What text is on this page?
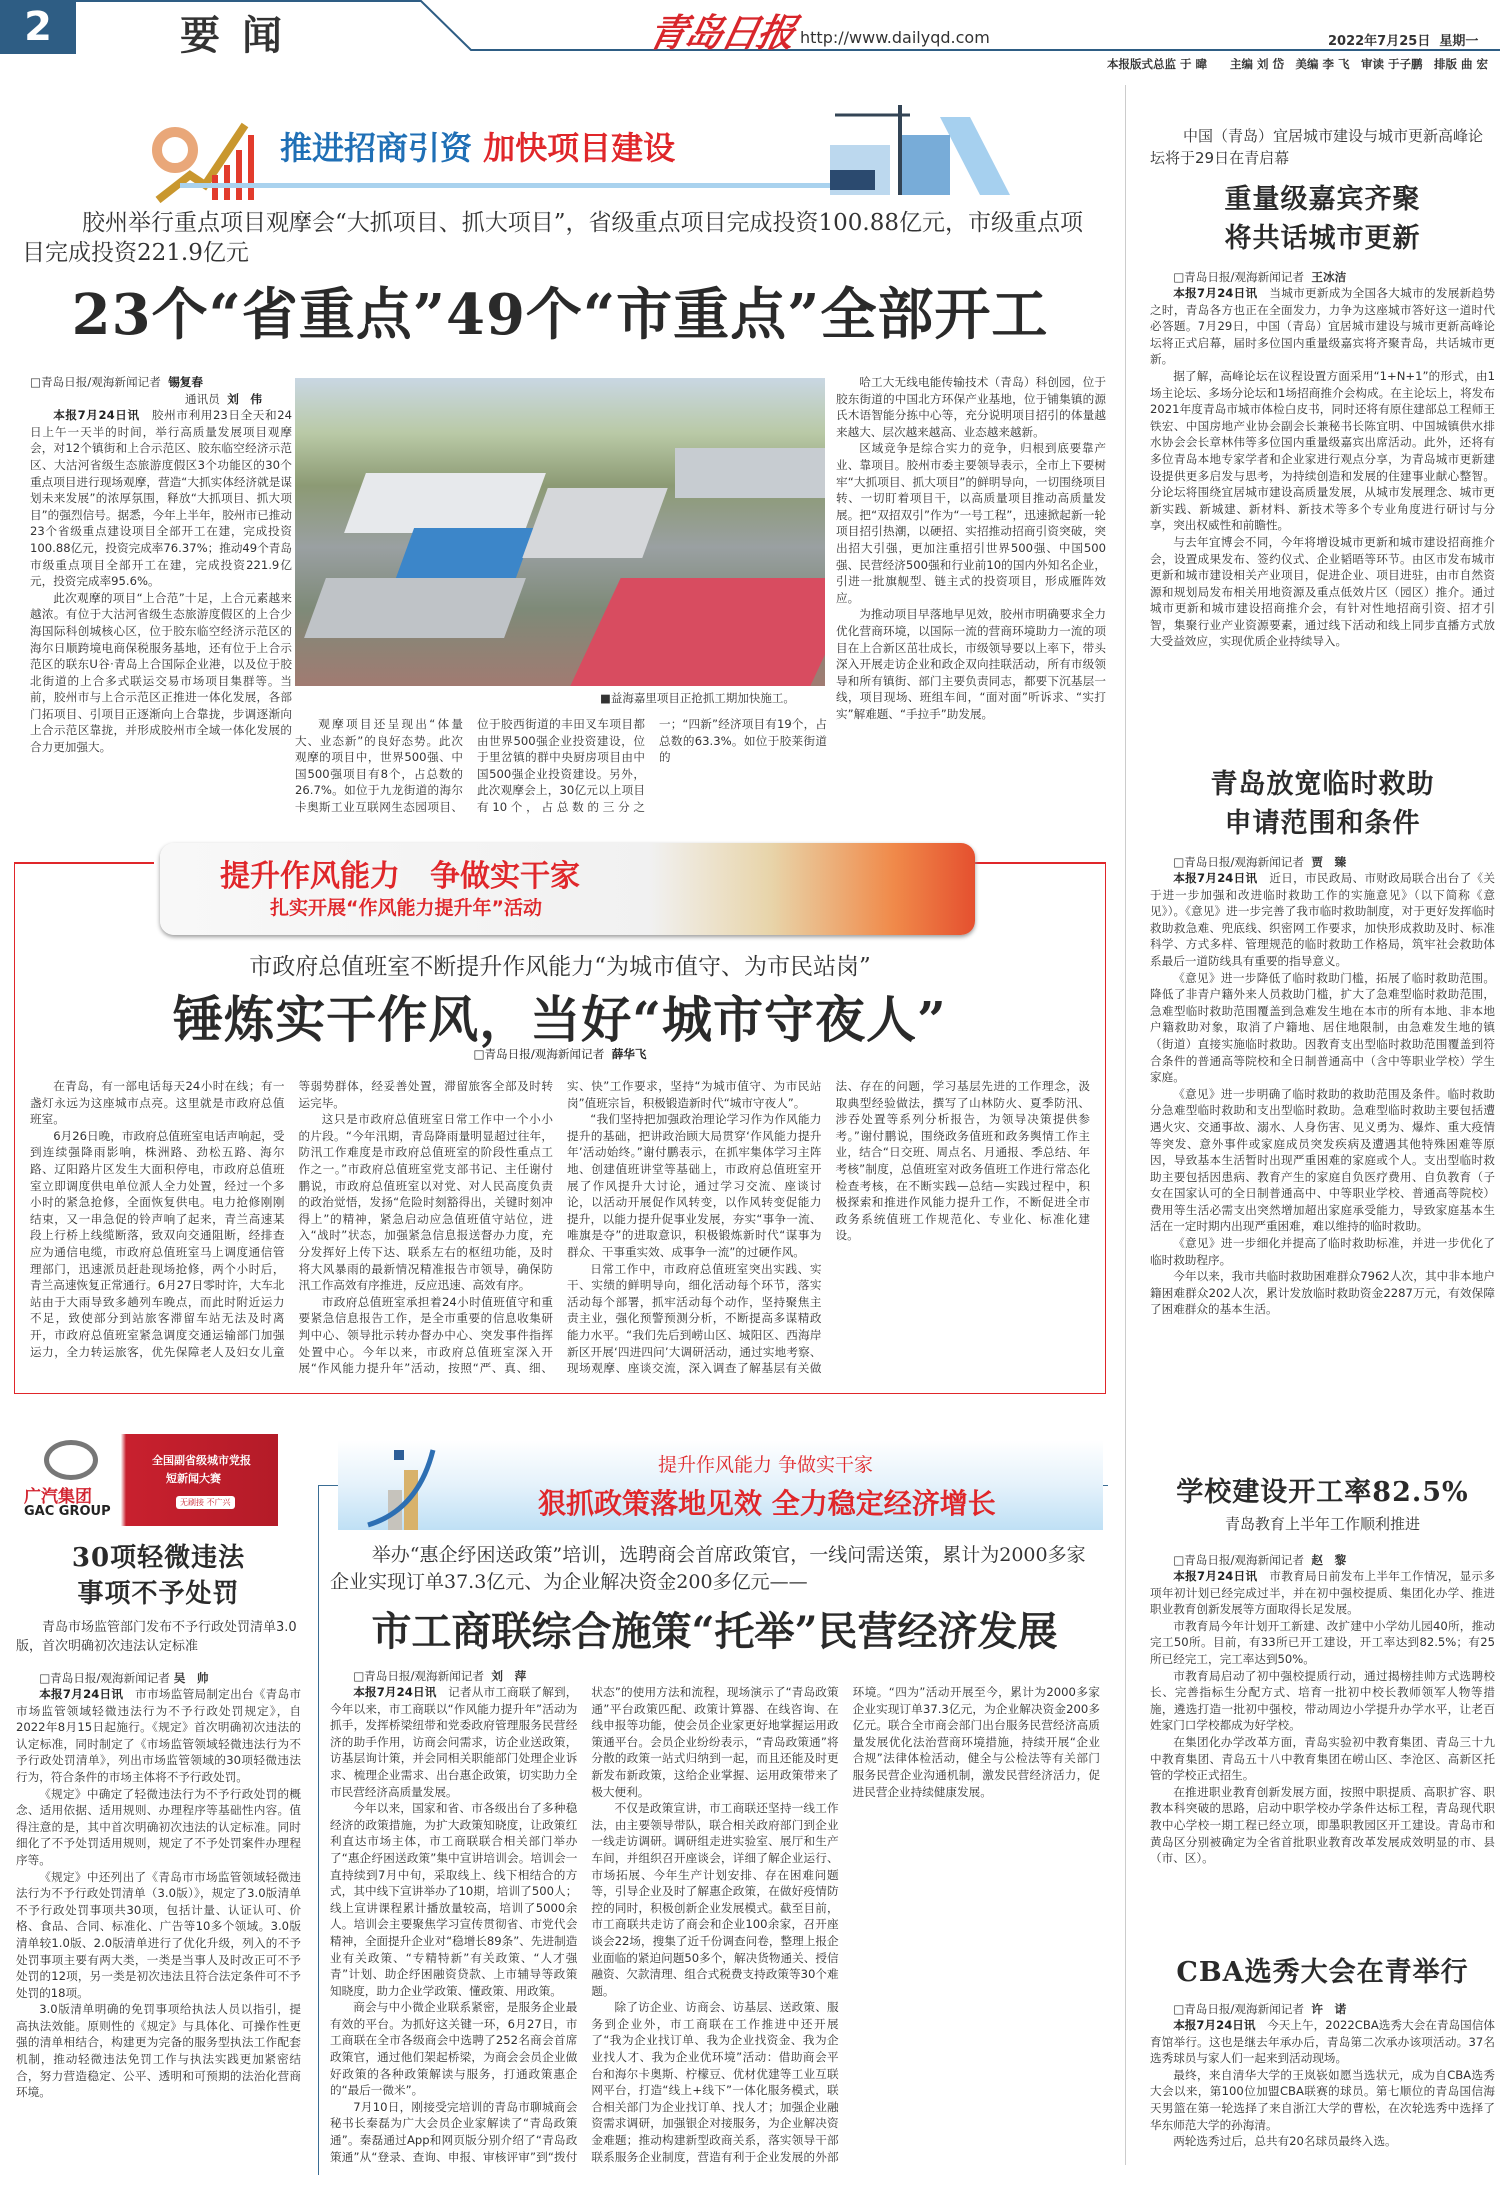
2	要闻	青岛日报 http://www.dailyqd.com	2022年7月25日 星期一
本报版式总监 于 暐　　主编 刘 岱　美编 李 飞　审读 于子鹏　排版 曲 宏
推进招商引资 加快项目建设
胶州举行重点项目观摩会“大抓项目、抓大项目”，省级重点项目完成投资100.88亿元，市级重点项目完成投资221.9亿元
23个“省重点”49个“市重点”全部开工
□青岛日报/观海新闻记者 锡复春
通讯员 刘　伟

本报7月24日讯　 胶州市利用23日全天和24日上午一天半的时间，举行高质量发展项目观摩会，对12个镇街和上合示范区、胶东临空经济示范区、大沽河省级生态旅游度假区3个功能区的30个重点项目进行现场观摩，营造“大抓实体经济就是谋划未来发展”的浓厚氛围，释放“大抓项目、抓大项目”的强烈信号。据悉，今年上半年，胶州市已推动23个省级重点建设项目全部开工在建，完成投资100.88亿元，投资完成率76.37%；推动49个青岛市级重点项目全部开工在建，完成投资221.9亿元，投资完成率95.6%。

此次观摩的项目“上合范”十足，上合元素越来越浓。有位于大沽河省级生态旅游度假区的上合少海国际科创城核心区，位于胶东临空经济示范区的海尔日顺跨境电商保税服务基地，还有位于上合示范区的联东U谷·青岛上合国际企业港，以及位于胶北街道的上合多式联运交易市场项目集群等。当前，胶州市与上合示范区正推进一体化发展，各部门拓项目、引项目正逐渐向上合靠拢，步调逐渐向上合示范区靠拢，并形成胶州市全域一体化发展的合力更加强大。

■益海嘉里项目正抢抓工期加快施工。

观摩项目还呈现出“体量大、业态新”的良好态势。此次观摩的项目中，世界500强、中国500强项目有8个，占总数的26.7%。如位于九龙街道的海尔卡奥斯工业互联网生态园项目、位于胶西街道的丰田叉车项目都由世界500强企业投资建设，位于里岔镇的群中央厨房项目由中国500强企业投资建设。另外，此次观摩会上，30亿元以上项目有10个，占总数的三分之一；“四新”经济项目有19个，占总数的63.3%。如位于胶莱街道的

哈工大无线电能传输技术（青岛）科创园，位于胶东街道的中国北方环保产业基地，位于铺集镇的源氏木语智能分拣中心等，充分说明项目招引的体量越来越大、层次越来越高、业态越来越新。

区域竞争是综合实力的竞争，归根到底要靠产业、靠项目。胶州市委主要领导表示，全市上下要树牢“大抓项目、抓大项目”的鲜明导向，一切围绕项目转、一切盯着项目干，以高质量项目推动高质量发展。把“双招双引”作为“一号工程”，迅速掀起新一轮项目招引热潮，以硬招、实招推动招商引资突破，突出招大引强，更加注重招引世界500强、中国500强、民营经济500强和行业前10的国内外知名企业，引进一批旗舰型、链主式的投资项目，形成雁阵效应。

为推动项目早落地早见效，胶州市明确要求全力优化营商环境，以国际一流的营商环境助力一流的项目在上合新区茁壮成长，市级领导要以上率下，带头深入开展走访企业和政企双向挂联活动，所有市级领导和所有镇街、部门主要负责同志，都要下沉基层一线，项目现场、班组车间，“面对面”听诉求、“实打实”解难题、“手拉手”助发展。

中国（青岛）宜居城市建设与城市更新高峰论坛将于29日在青启幕
重量级嘉宾齐聚
将共话城市更新
□青岛日报/观海新闻记者 王冰洁

本报7月24日讯　 当城市更新成为全国各大城市的发展新趋势之时，青岛各方也正在全面发力，力争为这座城市答好这一道时代必答题。7月29日，中国（青岛）宜居城市建设与城市更新高峰论坛将正式启幕，届时多位国内重量级嘉宾将齐聚青岛，共话城市更新。

据了解，高峰论坛在议程设置方面采用“1+N+1”的形式，由1场主论坛、多场分论坛和1场招商推介会构成。在主论坛上，将发布2021年度青岛市城市体检白皮书，同时还将有原住建部总工程师王铁宏、中国房地产业协会副会长兼秘书长陈宜明、中国城镇供水排水协会会长章林伟等多位国内重量级嘉宾出席活动。此外，还将有多位青岛本地专家学者和企业家进行观点分享，为青岛城市更新建设提供更多启发与思考，为持续创造和发展的住建事业献心整智。分论坛将围绕宜居城市建设高质量发展，从城市发展理念、城市更新实践、新城建、新材料、新技术等多个专业角度进行研讨与分享，突出权威性和前瞻性。

与去年宜博会不同，今年将增设城市更新和城市建设招商推介会，设置成果发布、签约仪式、企业韬晤等环节。由区市发布城市更新和城市建设相关产业项目，促进企业、项目进驻，由市自然资源和规划局发布相关用地资源及重点低效片区（园区）推介。通过城市更新和城市建设招商推介会，有针对性地招商引资、招才引智，集聚行业产业资源要素，通过线下活动和线上同步直播方式放大受益效应，实现优质企业持续导入。

青岛放宽临时救助
申请范围和条件
□青岛日报/观海新闻记者 贾　臻

本报7月24日讯　 近日，市民政局、市财政局联合出台了《关于进一步加强和改进临时救助工作的实施意见》（以下简称《意见》）。《意见》进一步完善了我市临时救助制度，对于更好发挥临时救助救急难、兜底线、织密网工作要求，加快形成救助及时、标准科学、方式多样、管理规范的临时救助工作格局，筑牢社会救助体系最后一道防线具有重要的指导意义。

《意见》进一步降低了临时救助门槛，拓展了临时救助范围。降低了非青户籍外来人员救助门槛，扩大了急难型临时救助范围，急难型临时救助范围覆盖到急难发生地在本市的所有本地、非本地户籍救助对象，取消了户籍地、居住地限制，由急难发生地的镇（街道）直接实施临时救助。因教育支出型临时救助范围覆盖到符合条件的普通高等院校和全日制普通高中（含中等职业学校）学生家庭。

《意见》进一步明确了临时救助的救助范围及条件。临时救助分急难型临时救助和支出型临时救助。急难型临时救助主要包括遭遇火灾、交通事故、溺水、人身伤害、见义勇为、爆炸、重大疫情等突发、意外事件或家庭成员突发疾病及遭遇其他特殊困难等原因，导致基本生活暂时出现严重困难的家庭或个人。支出型临时救助主要包括因患病、教育产生的家庭自负医疗费用、自负教育（子女在国家认可的全日制普通高中、中等职业学校、普通高等院校）费用等生活必需支出突然增加超出家庭承受能力，导致家庭基本生活在一定时期内出现严重困难，难以维持的临时救助。

《意见》进一步细化并提高了临时救助标准，并进一步优化了临时救助程序。

今年以来，我市共临时救助困难群众7962人次，其中非本地户籍困难群众202人次，累计发放临时救助资金2287万元，有效保障了困难群众的基本生活。

学校建设开工率82.5%
青岛教育上半年工作顺利推进
□青岛日报/观海新闻记者 赵　黎

本报7月24日讯　 市教育局日前发布上半年工作情况，显示多项年初计划已经完成过半，并在初中强校提质、集团化办学、推进职业教育创新发展等方面取得长足发展。

市教育局今年计划开工新建、改扩建中小学幼儿园40所，推动完工50所。目前，有33所已开工建设，开工率达到82.5%；有25所已经完工，完工率达到50%。

市教育局启动了初中强校提质行动，通过揭榜挂帅方式选聘校长、完善指标生分配方式、培育一批初中校长教师领军人物等措施，遴选打造一批初中强校，带动周边小学提升办学水平，让老百姓家门口学校都成为好学校。

在集团化办学改革方面，青岛实验初中教育集团、青岛三十九中教育集团、青岛五十八中教育集团在崂山区、李沧区、高新区托管的学校正式招生。

在推进职业教育创新发展方面，按照中职提质、高职扩容、职教本科突破的思路，启动中职学校办学条件达标工程，青岛现代职教中心学校一期工程已经立项，即墨职教园区开工建设。青岛市和黄岛区分别被确定为全省首批职业教育改革发展成效明显的市、县（市、区）。

CBA选秀大会在青举行
□青岛日报/观海新闻记者 许　诺

本报7月24日讯　 今天上午，2022CBA选秀大会在青岛国信体育馆举行。这也是继去年承办后，青岛第二次承办该项活动。37名选秀球员与家人们一起来到活动现场。

最终，来自清华大学的王岚嵚如愿当选状元，成为自CBA选秀大会以来，第100位加盟CBA联赛的球员。第七顺位的青岛国信海天男篮在第一轮选择了来自浙江大学的曹松，在次轮选秀中选择了华东师范大学的孙海清。

两轮选秀过后，总共有20名球员最终入选。

提升作风能力　争做实干家
扎实开展“作风能力提升年”活动
市政府总值班室不断提升作风能力“为城市值守、为市民站岗”
锤炼实干作风，当好“城市守夜人”
□青岛日报/观海新闻记者 薛华飞

在青岛，有一部电话每天24小时在线；有一盏灯永远为这座城市点亮。这里就是市政府总值班室。

6月26日晚，市政府总值班室电话声响起，受到连续强降雨影响，株洲路、劲松五路、海尔路、辽阳路片区发生大面积停电，市政府总值班室立即调度供电单位派人全力处置，经过一个多小时的紧急抢修，全面恢复供电。电力抢修刚刚结束，又一串急促的铃声响了起来，青兰高速某段上行桥上线缆断落，致双向交通阻断，经排查应为通信电缆，市政府总值班室马上调度通信管理部门，迅速派员赶赴现场抢修，两个小时后，青兰高速恢复正常通行。6月27日零时许，大车北站由于大雨导致多趟列车晚点，而此时附近运力不足，致使部分到站旅客滞留车站无法及时离开，市政府总值班室紧急调度交通运输部门加强运力，全力转运旅客，优先保障老人及妇女儿童等弱势群体，经妥善处置，滞留旅客全部及时转运完毕。

这只是市政府总值班室日常工作中一个小小的片段。“今年汛期，青岛降雨量明显超过往年，防汛工作难度是市政府总值班室的阶段性重点工作之一。”市政府总值班室党支部书记、主任谢付鹏说，市政府总值班室以对党、对人民高度负责的政治觉悟，发扬“危险时刻豁得出，关键时刻冲得上”的精神，紧急启动应急值班值守站位，进入“战时”状态，加强紧急信息报送督办力度，充分发挥好上传下达、联系左右的枢纽功能，及时将大风暴雨的最新情况精准报告市领导，确保防汛工作高效有序推进，反应迅速、高效有序。

市政府总值班室承担着24小时值班值守和重要紧急信息报告工作，是全市重要的信息收集研判中心、领导批示转办督办中心、突发事件指挥处置中心。今年以来，市政府总值班室深入开展“作风能力提升年”活动，按照“严、真、细、实、快”工作要求，坚持“为城市值守、为市民站岗”值班宗旨，积极锻造新时代“城市守夜人”。

“我们坚持把加强政治理论学习作为作风能力提升的基础，把讲政治顾大局贯穿‘作风能力提升年’活动始终。”谢付鹏表示，在抓牢集体学习主阵地、创建值班讲堂等基础上，市政府总值班室开展了作风提升大讨论，通过学习交流、座谈讨论，以活动开展促作风转变，以作风转变促能力提升，以能力提升促事业发展，夯实“事争一流、唯旗是夺”的进取意识，积极锻炼新时代“谋事为群众、干事重实效、成事争一流”的过硬作风。

日常工作中，市政府总值班室突出实践、实干、实绩的鲜明导向，细化活动每个环节，落实活动每个部署，抓牢活动每个动作，坚持聚焦主责主业，强化预警预测分析，不断提高多谋精政能力水平。“我们先后到崂山区、城阳区、西海岸新区开展‘四进四问’大调研活动，通过实地考察、现场观摩、座谈交流，深入调查了解基层有关做法、存在的问题，学习基层先进的工作理念，汲取典型经验做法，撰写了山林防火、夏季防汛、涉吞处置等系列分析报告，为领导决策提供参考。”谢付鹏说，围绕政务值班和政务舆情工作主业，结合“日交班、周点名、月通报、季总结、年考核”制度，总值班室对政务值班工作进行常态化检查考核，在不断实践—总结—实践过程中，积极探索和推进作风能力提升工作，不断促进全市政务系统值班工作规范化、专业化、标准化建设。

广汽集团
GAC GROUP
全国副省级城市党报
短新闻大赛
无刷接 不广兴
30项轻微违法
事项不予处罚
青岛市场监管部门发布不予行政处罚清单3.0版，首次明确初次违法认定标准
□青岛日报/观海新闻记者 吴　帅

本报7月24日讯　 市市场监管局制定出台《青岛市市场监管领域轻微违法行为不予行政处罚规定》，自2022年8月15日起施行。《规定》首次明确初次违法的认定标准，同时制定了《市场监管领域轻微违法行为不予行政处罚清单》，列出市场监管领域的30项轻微违法行为，符合条件的市场主体将不予行政处罚。

《规定》中确定了轻微违法行为不予行政处罚的概念、适用依据、适用规则、办理程序等基础性内容。值得注意的是，其中首次明确初次违法的认定标准。同时细化了不予处罚适用规则，规定了不予处罚案件办理程序等。

《规定》中还列出了《青岛市市场监管领域轻微违法行为不予行政处罚清单（3.0版）》，规定了3.0版清单不予行政处罚事项共30项，包括计量、认证认可、价格、食品、合同、标准化、广告等10多个领域。3.0版清单较1.0版、2.0版清单进行了优化升级，列入的不予处罚事项主要有两大类，一类是当事人及时改正可不予处罚的12项，另一类是初次违法且符合法定条件可不予处罚的18项。

3.0版清单明确的免罚事项给执法人员以指引，提高执法效能。原则性的《规定》与具体化、可操作性更强的清单相结合，构建更为完备的服务型执法工作配套机制，推动轻微违法免罚工作与执法实践更加紧密结合，努力营造稳定、公平、透明和可预期的法治化营商环境。

提升作风能力 争做实干家
狠抓政策落地见效 全力稳定经济增长
举办“惠企纾困送政策”培训，选聘商会首席政策官，一线问需送策，累计为2000多家企业实现订单37.3亿元、为企业解决资金200多亿元——
市工商联综合施策“托举”民营经济发展
□青岛日报/观海新闻记者 刘　萍

本报7月24日讯　 记者从市工商联了解到，今年以来，市工商联以“作风能力提升年”活动为抓手，发挥桥梁纽带和党委政府管理服务民营经济的助手作用，访商会问需求，访企业送政策，访基层询计策，并会同相关职能部门处理企业诉求、梳理企业需求、出台惠企政策，切实助力全市民营经济高质量发展。

今年以来，国家和省、市各级出台了多种稳经济的政策措施，为扩大政策知晓度，让政策红利直达市场主体，市工商联联合相关部门举办了“惠企纾困送政策”集中宣讲培训会。培训会一直持续到7月中旬，采取线上、线下相结合的方式，其中线下宣讲举办了10期，培训了500人；线上宣讲课程累计播放量较高，培训了5000余人。培训会主要聚焦学习宣传贯彻省、市党代会精神，全面提升企业对“稳增长89条”、先进制造业有关政策、“专精特新”有关政策、“人才强青”计划、助企纾困融资贷款、上市辅导等政策知晓度，助力企业学政策、懂政策、用政策。

商会与中小微企业联系紧密，是服务企业最有效的平台。为抓好这关键一环，6月27日，市工商联在全市各级商会中选聘了252名商会首席政策官，通过他们架起桥梁，为商会会员企业做好政策的各种政策解读与服务，打通政策惠企的“最后一微米”。

7月10日，刚接受完培训的青岛市聊城商会秘书长秦磊为广大会员企业家解读了“青岛政策通”。秦磊通过App和网页版分别介绍了“青岛政策通”从“登录、查询、申报、审核评审”到“拨付状态”的使用方法和流程，现场演示了“青岛政策通”平台政策匹配、政策计算器、在线咨询、在线申报等功能，使会员企业家更好地掌握运用政策通平台。会员企业纷纷表示，“青岛政策通”将分散的政策一站式归纳到一起，而且还能及时更新发布新政策，这给企业掌握、运用政策带来了极大便利。

不仅是政策宣讲，市工商联还坚持一线工作法，由主要领导带队，联合相关政府部门到企业一线走访调研。调研组走进实验室、展厅和生产车间，并组织召开座谈会，详细了解企业运行、市场拓展、今年生产计划安排、存在困难问题等，引导企业及时了解惠企政策，在做好疫情防控的同时，积极创新企业发展模式。截至目前，市工商联共走访了商会和企业100余家，召开座谈会22场，搜集了近千份调查问卷，整理上报企业面临的紧迫问题50多个，解决货物通关、授信融资、欠款清理、组合式税费支持政策等30个难题。

除了访企业、访商会、访基层、送政策、服务到企业外，市工商联在工作推进中还开展了“我为企业找订单、我为企业找资金、我为企业找人才、我为企业优环境”活动：借助商会平台和海尔卡奥斯、柠檬豆、优材优建等工业互联网平台，打造“线上+线下”一体化服务模式，联合相关部门为企业找订单、找人才；加强企业融资需求调研，加强银企对接服务，为企业解决资金难题；推动构建新型政商关系，落实领导干部联系服务企业制度，营造有利于企业发展的外部环境。“四为”活动开展至今，累计为2000多家企业实现订单37.3亿元，为企业解决资金200多亿元。联合全市商会部门出台服务民营经济高质量发展优化法治营商环境措施，持续开展“企业合规”法律体检活动，健全与公检法等有关部门服务民营企业沟通机制，激发民营经济活力，促进民营企业持续健康发展。
